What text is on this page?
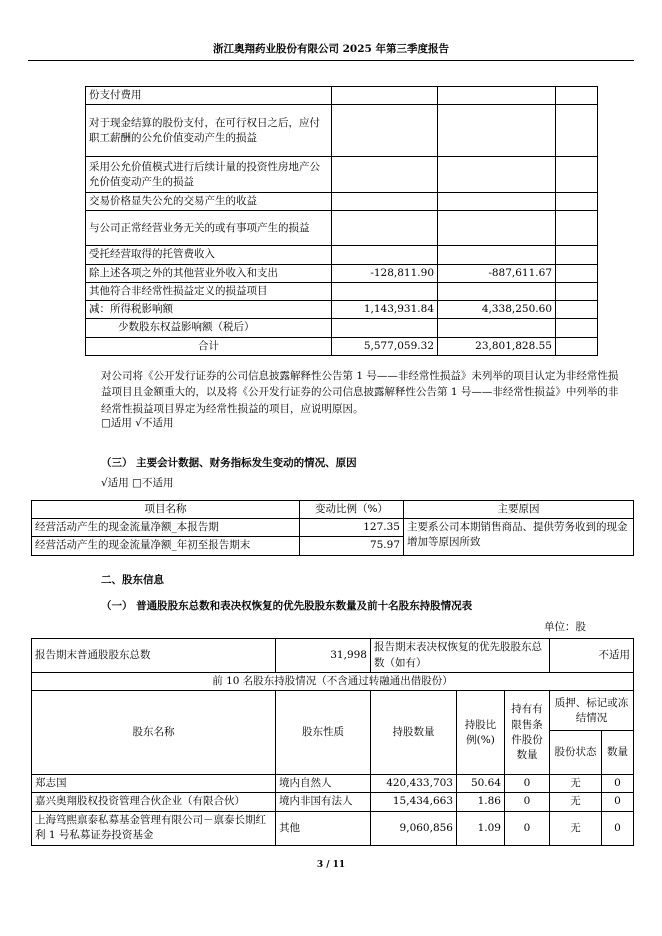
浙江奥翔药业股份有限公司 2025 年第三季度报告
份支付费用			
对于现金结算的股份支付，在可行权日之后，应付职工薪酬的公允价值变动产生的损益			
采用公允价值模式进行后续计量的投资性房地产公允价值变动产生的损益			
交易价格显失公允的交易产生的收益			
与公司正常经营业务无关的或有事项产生的损益			
受托经营取得的托管费收入			
除上述各项之外的其他营业外收入和支出	-128,811.90	-887,611.67	
其他符合非经常性损益定义的损益项目			
减：所得税影响额	1,143,931.84	4,338,250.60	
少数股东权益影响额（税后）			
合计	5,577,059.32	23,801,828.55	
对公司将《公开发行证券的公司信息披露解释性公告第 1 号——非经常性损益》未列举的项目认定为非经常性损益项目且金额重大的，以及将《公开发行证券的公司信息披露解释性公告第 1 号——非经常性损益》中列举的非经常性损益项目界定为经常性损益的项目，应说明原因。
□适用 √不适用
（三） 主要会计数据、财务指标发生变动的情况、原因
√适用 □不适用
项目名称	变动比例（%）	主要原因
经营活动产生的现金流量净额_本报告期	127.35	主要系公司本期销售商品、提供劳务收到的现金增加等原因所致
经营活动产生的现金流量净额_年初至报告期末	75.97	
二、股东信息
（一） 普通股股东总数和表决权恢复的优先股股东数量及前十名股东持股情况表
单位：股
报告期末普通股股东总数	31,998	报告期末表决权恢复的优先股股东总数（如有）			不适用	
前 10 名股东持股情况（不含通过转融通出借股份）						
股东名称	股东性质	持股数量	持股比例(%)	持有有限售条件股份数量	质押、标记或冻结情况	
					股份状态	数量
郑志国	境内自然人	420,433,703	50.64	0	无	0
嘉兴奥翔股权投资管理合伙企业（有限合伙）	境内非国有法人	15,434,663	1.86	0	无	0
上海笃熙禀泰私募基金管理有限公司－禀泰长期红利 1 号私募证券投资基金	其他	9,060,856	1.09	0	无	0
3 / 11
